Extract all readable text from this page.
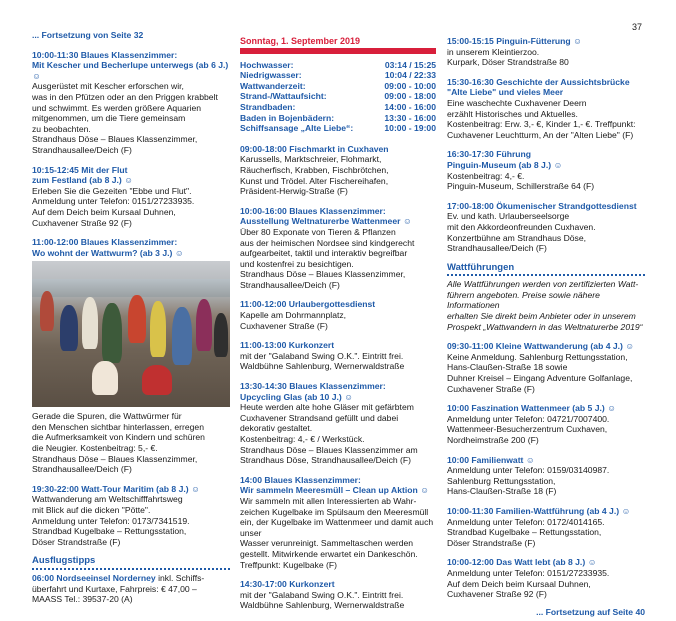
37
... Fortsetzung von Seite 32

10:00-11:30 Blaues Klassenzimmer:

Mit Kescher und Becherlupe unterwegs (ab 6 J.) ☺

Ausgerüstet mit Kescher erforschen wir,

was in den Pfützen oder an den Priggen krabbelt

und schwimmt. Es werden größere Aquarien

mitgenommen, um die Tiere gemeinsam

zu beobachten.

Strandhaus Döse – Blaues Klassenzimmer,

Strandhausallee/Deich (F)

10:15-12:45 Mit der Flut

zum Festland (ab 8 J.) ☺

Erleben Sie die Gezeiten "Ebbe und Flut".

Anmeldung unter Telefon: 0151/27233935.

Auf dem Deich beim Kursaal Duhnen,

Cuxhavener Straße 92 (F)

11:00-12:00 Blaues Klassenzimmer:

Wo wohnt der Wattwurm? (ab 3 J.) ☺

Gerade die Spuren, die Wattwürmer für
den Menschen sichtbar hinterlassen, erregen
die Aufmerksamkeit von Kindern und schüren
die Neugier. Kostenbeitrag: 5,- €.
Strandhaus Döse – Blaues Klassenzimmer,
Strandhausallee/Deich (F)

19:30-22:00 Watt-Tour Maritim (ab 8 J.) ☺

Wattwanderung am Weltschifffahrtsweg

mit Blick auf die dicken "Pötte".

Anmeldung unter Telefon: 0173/7341519.

Strandbad Kugelbake – Rettungsstation,

Döser Strandstraße (F)

Ausflugstipps

06:00 Nordseeinsel Norderney inkl. Schiffs-

überfahrt und Kurtaxe, Fahrpreis: € 47,00 –
MAASS Tel.: 39537-20 (A)
Sonntag, 1. September 2019
Hochwasser:	03:14 / 15:25
Niedrigwasser:	10:04 / 22:33
Wattwanderzeit:	09:00 - 10:00
Strand-/Wattaufsicht:	09:00 - 18:00
Strandbaden:	14:00 - 16:00
Baden in Bojenbädern:	13:30 - 16:00
Schiffsansage „Alte Liebe“:	10:00 - 19:00

09:00-18:00 Fischmarkt in Cuxhaven

Karussells, Marktschreier, Flohmarkt,

Räucherfisch, Krabben, Fischbrötchen,

Kunst und Trödel. Alter Fischereihafen,

Präsident-Herwig-Straße (F)

10:00-16:00 Blaues Klassenzimmer:

Ausstellung Weltnaturerbe Wattenmeer ☺

Über 80 Exponate von Tieren & Pflanzen

aus der heimischen Nordsee sind kindgerecht

aufgearbeitet, taktil und interaktiv begreifbar

und kostenfrei zu besichtigen.

Strandhaus Döse – Blaues Klassenzimmer,

Strandhausallee/Deich (F)

11:00-12:00 Urlaubergottesdienst

Kapelle am Dohrmannplatz,

Cuxhavener Straße (F)

11:00-13:00 Kurkonzert

mit der "Galaband Swing O.K.". Eintritt frei.

Waldbühne Sahlenburg, Wernerwaldstraße

13:30-14:30 Blaues Klassenzimmer:

Upcycling Glas (ab 10 J.) ☺

Heute werden alte hohe Gläser mit gefärbtem

Cuxhavener Strandsand gefüllt und dabei

dekorativ gestaltet.

Kostenbeitrag: 4,- € / Werkstück.

Strandhaus Döse – Blaues Klassenzimmer am

Strandhaus Döse, Strandhausallee/Deich (F)

14:00 Blaues Klassenzimmer:

Wir sammeln Meeresmüll – Clean up Aktion ☺

Wir sammeln mit allen Interessierten ab Wahr-

zeichen Kugelbake im Spülsaum den Meeresmüll

ein, der Kugelbake im Wattenmeer und damit auch unser

Wasser verunreinigt. Sammeltaschen werden

gestellt. Mitwirkende erwartet ein Dankeschön.

Treffpunkt: Kugelbake (F)

14:30-17:00 Kurkonzert

mit der "Galaband Swing O.K.". Eintritt frei.

Waldbühne Sahlenburg, Wernerwaldstraße

15:00-15:15 Pinguin-Fütterung ☺

in unserem Kleintierzoo.

Kurpark, Döser Strandstraße 80

15:30-16:30 Geschichte der Aussichtsbrücke

"Alte Liebe" und vieles Meer

Eine waschechte Cuxhavener Deern

erzählt Historisches und Aktuelles.

Kostenbeitrag: Erw. 3,- €, Kinder 1,- €. Treffpunkt:

Cuxhavener Leuchtturm, An der "Alten Liebe" (F)

16:30-17:30 Führung

Pinguin-Museum (ab 8 J.) ☺

Kostenbeitrag: 4,- €.

Pinguin-Museum, Schillerstraße 64 (F)

17:00-18:00 Ökumenischer Strandgottesdienst

Ev. und kath. Urlauberseelsorge

mit den Akkordeonfreunden Cuxhaven.

Konzertbühne am Strandhaus Döse,

Strandhausallee/Deich (F)

Wattführungen
Alle Wattführungen werden von zertifizierten Watt-
führern angeboten. Preise sowie nähere Informationen
erhalten Sie direkt beim Anbieter oder in unserem
Prospekt „Wattwandern in das Weltnaturerbe 2019“

09:30-11:00 Kleine Wattwanderung (ab 4 J.) ☺

Keine Anmeldung. Sahlenburg Rettungsstation,

Hans-Claußen-Straße 18 sowie

Duhner Kreisel – Eingang Adventure Golfanlage,

Cuxhavener Straße (F)

10:00 Faszination Wattenmeer (ab 5 J.) ☺

Anmeldung unter Telefon: 04721/7007400.

Wattenmeer-Besucherzentrum Cuxhaven,

Nordheimstraße 200 (F)

10:00 Familienwatt ☺

Anmeldung unter Telefon: 0159/03140987.

Sahlenburg Rettungsstation,

Hans-Claußen-Straße 18 (F)

10:00-11:30 Familien-Wattführung (ab 4 J.) ☺

Anmeldung unter Telefon: 0172/4014165.

Strandbad Kugelbake – Rettungsstation,

Döser Strandstraße (F)

10:00-12:00 Das Watt lebt (ab 8 J.) ☺

Anmeldung unter Telefon: 0151/27233935.

Auf dem Deich beim Kursaal Duhnen,

Cuxhavener Straße 92 (F)

... Fortsetzung auf Seite 40
